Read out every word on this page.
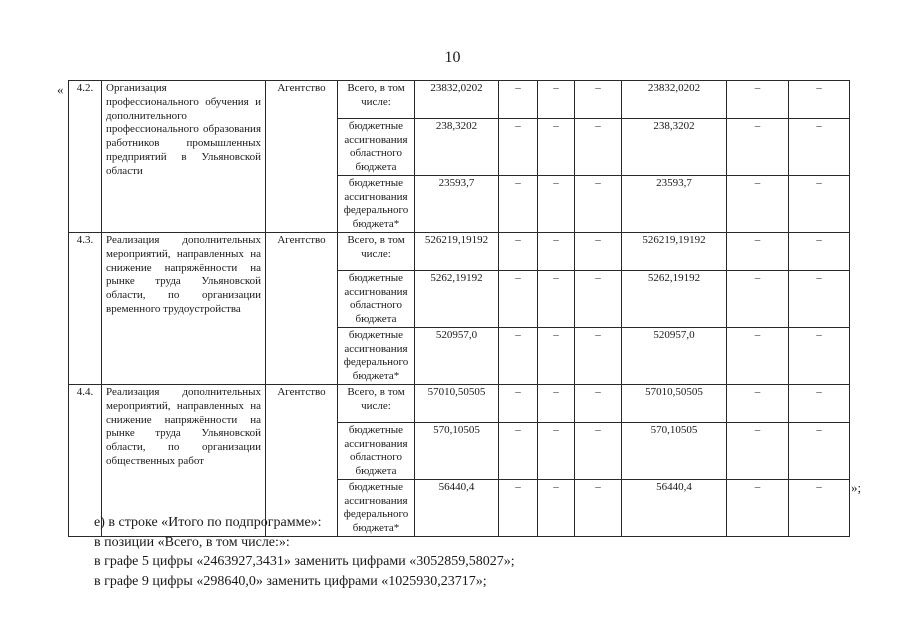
10
« 4.2.	Организация профессионального обучения и дополнительного профессионального образования работников промышленных предприятий в Ульяновской области	Агентство	Всего, в том числе:	23832,0202	–	–	–	23832,0202	–	–
			бюджетные ассигнования областного бюджета	238,3202	–	–	–	238,3202	–	–
			бюджетные ассигнования федерального бюджета*	23593,7	–	–	–	23593,7	–	–
4.3.	Реализация дополнительных мероприятий, направленных на снижение напряжённости на рынке труда Ульяновской области, по организации временного трудоустройства	Агентство	Всего, в том числе:	526219,19192	–	–	–	526219,19192	–	–
			бюджетные ассигнования областного бюджета	5262,19192	–	–	–	5262,19192	–	–
			бюджетные ассигнования федерального бюджета*	520957,0	–	–	–	520957,0	–	–
4.4.	Реализация дополнительных мероприятий, направленных на снижение напряжённости на рынке труда Ульяновской области, по организации общественных работ	Агентство	Всего, в том числе:	57010,50505	–	–	–	57010,50505	–	–
			бюджетные ассигнования областного бюджета	570,10505	–	–	–	570,10505	–	–
			бюджетные ассигнования федерального бюджета*	56440,4	–	–	–	56440,4	–	– »;
е) в строке «Итого по подпрограмме»:
в позиции «Всего, в том числе:»:
в графе 5 цифры «2463927,3431» заменить цифрами «3052859,58027»;
в графе 9 цифры «298640,0» заменить цифрами «1025930,23717»;
